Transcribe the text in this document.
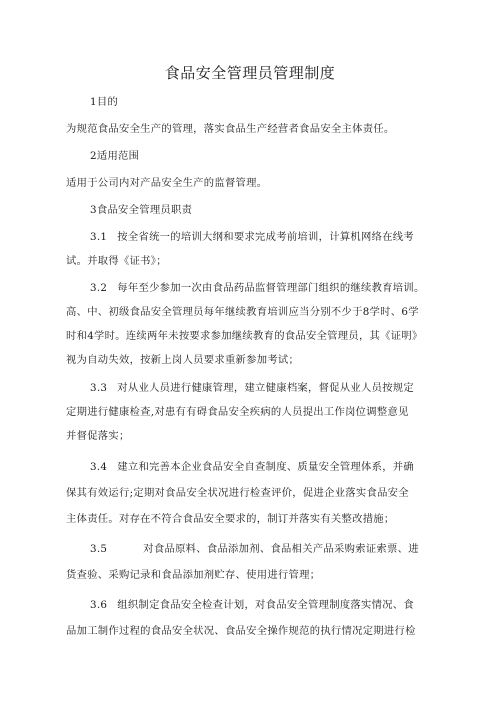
食品安全管理员管理制度
1目的
为规范食品安全生产的管理，落实食品生产经营者食品安全主体责任。
2适用范围
适用于公司内对产品安全生产的监督管理。
3食品安全管理员职责
3.1 按全省统一的培训大纲和要求完成考前培训，计算机网络在线考
试。并取得《证书》；
3.2 每年至少参加一次由食品药品监督管理部门组织的继续教育培训。
高、中、初级食品安全管理员每年继续教育培训应当分别不少于8学时、6学
时和4学时。连续两年未按要求参加继续教育的食品安全管理员，其《证明》
视为自动失效，按新上岗人员要求重新参加考试；
3.3 对从业人员进行健康管理，建立健康档案，督促从业人员按规定
定期进行健康检查,对患有有碍食品安全疾病的人员提出工作岗位调整意见
并督促落实；
3.4 建立和完善本企业食品安全自查制度、质量安全管理体系，并确
保其有效运行;定期对食品安全状况进行检查评价，促进企业落实食品安全
主体责任。对存在不符合食品安全要求的，制订并落实有关整改措施；
3.5	对食品原料、食品添加剂、食品相关产品采购索证索票、进
货查验、采购记录和食品添加剂贮存、使用进行管理；
3.6 组织制定食品安全检查计划，对食品安全管理制度落实情况、食
品加工制作过程的食品安全状况、食品安全操作规范的执行情况定期进行检
